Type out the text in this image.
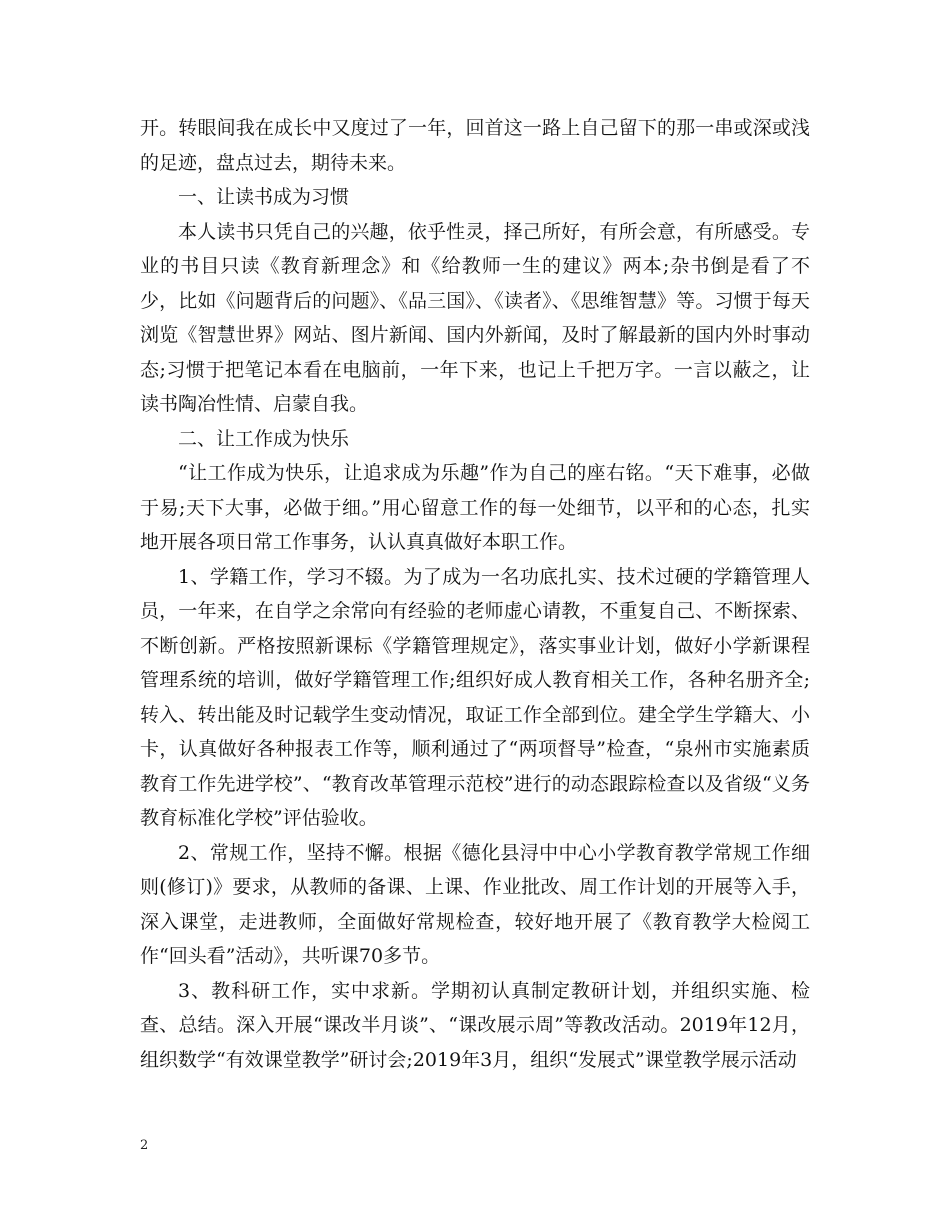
开。转眼间我在成长中又度过了一年，回首这一路上自己留下的那一串或深或浅的足迹，盘点过去，期待未来。

一、让读书成为习惯

本人读书只凭自己的兴趣，依乎性灵，择己所好，有所会意，有所感受。专业的书目只读《教育新理念》和《给教师一生的建议》两本;杂书倒是看了不少，比如《问题背后的问题》、《品三国》、《读者》、《思维智慧》等。习惯于每天浏览《智慧世界》网站、图片新闻、国内外新闻，及时了解最新的国内外时事动态;习惯于把笔记本看在电脑前，一年下来，也记上千把万字。一言以蔽之，让读书陶冶性情、启蒙自我。

二、让工作成为快乐

“让工作成为快乐，让追求成为乐趣”作为自己的座右铭。“天下难事，必做于易;天下大事，必做于细。”用心留意工作的每一处细节，以平和的心态，扎实地开展各项日常工作事务，认认真真做好本职工作。

1、学籍工作，学习不辍。为了成为一名功底扎实、技术过硬的学籍管理人员，一年来，在自学之余常向有经验的老师虚心请教，不重复自己、不断探索、不断创新。严格按照新课标《学籍管理规定》，落实事业计划，做好小学新课程管理系统的培训，做好学籍管理工作;组织好成人教育相关工作，各种名册齐全;转入、转出能及时记载学生变动情况，取证工作全部到位。建全学生学籍大、小卡，认真做好各种报表工作等，顺利通过了“两项督导”检查，“泉州市实施素质教育工作先进学校”、“教育改革管理示范校”进行的动态跟踪检查以及省级“义务教育标准化学校”评估验收。

2、常规工作，坚持不懈。根据《德化县浔中中心小学教育教学常规工作细则(修订)》要求，从教师的备课、上课、作业批改、周工作计划的开展等入手，深入课堂，走进教师，全面做好常规检查，较好地开展了《教育教学大检阅工作“回头看”活动》，共听课70多节。

3、教科研工作，实中求新。学期初认真制定教研计划，并组织实施、检查、总结。深入开展“课改半月谈”、“课改展示周”等教改活动。2019年12月，组织数学“有效课堂教学”研讨会;2019年3月，组织“发展式”课堂教学展示活动

2
